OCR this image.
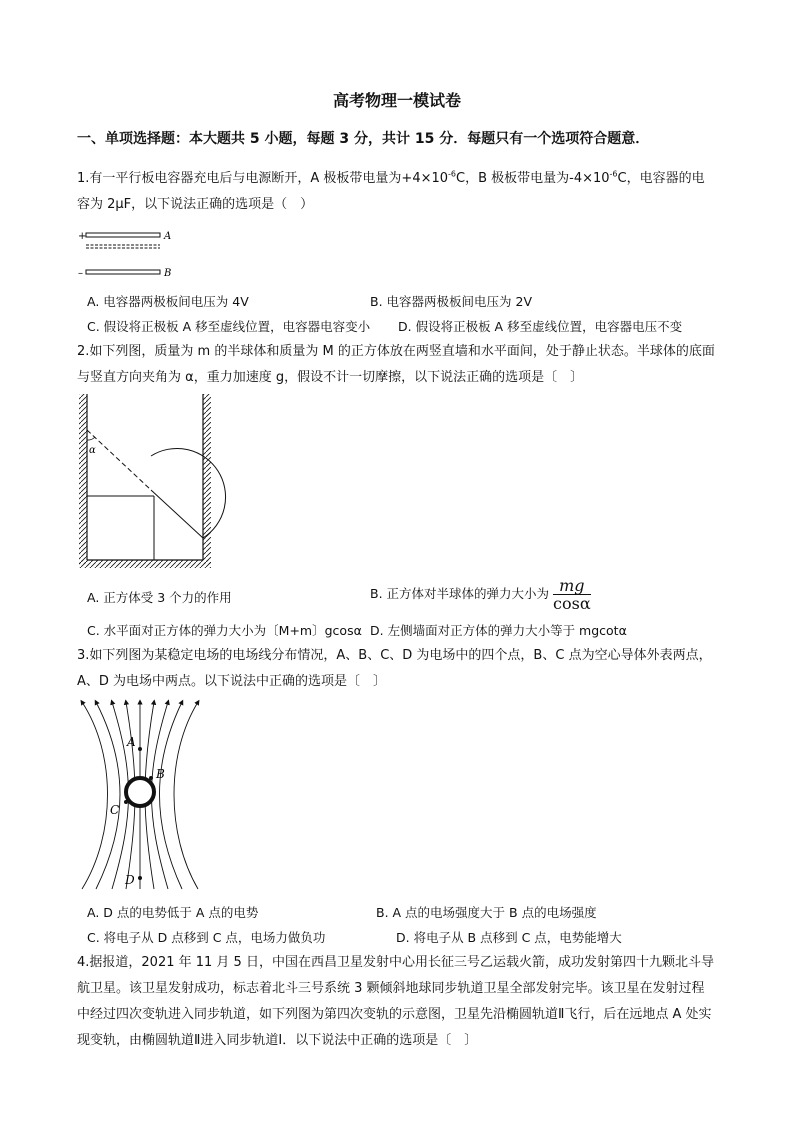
高考物理一模试卷
一、单项选择题：本大题共 5 小题，每题 3 分，共计 15 分．每题只有一个选项符合题意．
1.有一平行板电容器充电后与电源断开，A 极板带电量为$+4\times 10^{-6}C$，B 极板带电量为$-4\times 10^{-6}C$，电容器的电容为 2μF，以下说法正确的选项是（　）
+	A
–	B
A. 电容器两极板间电压为 4V	B. 电容器两极板间电压为 2V
C. 假设将正极板 A 移至虚线位置，电容器电容变小 D. 假设将正极板 A 移至虚线位置，电容器电压不变
2.如下列图，质量为 m 的半球体和质量为 M 的正方体放在两竖直墙和水平面间，处于静止状态。半球体的底面与竖直方向夹角为 α，重力加速度 g，假设不计一切摩擦，以下说法正确的选项是〔　〕
α
A. 正方体受 3 个力的作用	B. 正方体对半球体的弹力大小为 $\frac{mg}{\cos\alpha}$
C. 水平面对正方体的弹力大小为〔M+m〕gcosα D. 左侧墙面对正方体的弹力大小等于 mgcotα
3.如下列图为某稳定电场的电场线分布情况，A、B、C、D 为电场中的四个点，B、C 点为空心导体外表两点，A、D 为电场中两点。以下说法中正确的选项是〔　〕
A
B
C
D
A. D 点的电势低于 A 点的电势	B. A 点的电场强度大于 B 点的电场强度
C. 将电子从 D 点移到 C 点，电场力做负功	D. 将电子从 B 点移到 C 点，电势能增大
4.据报道，2021 年 11 月 5 日，中国在西昌卫星发射中心用长征三号乙运载火箭，成功发射第四十九颗北斗导航卫星。该卫星发射成功，标志着北斗三号系统 3 颗倾斜地球同步轨道卫星全部发射完毕。该卫星在发射过程中经过四次变轨进入同步轨道，如下列图为第四次变轨的示意图，卫星先沿椭圆轨道Ⅱ飞行，后在远地点 A 处实现变轨，由椭圆轨道Ⅱ进入同步轨道Ⅰ．以下说法中正确的选项是〔　〕
